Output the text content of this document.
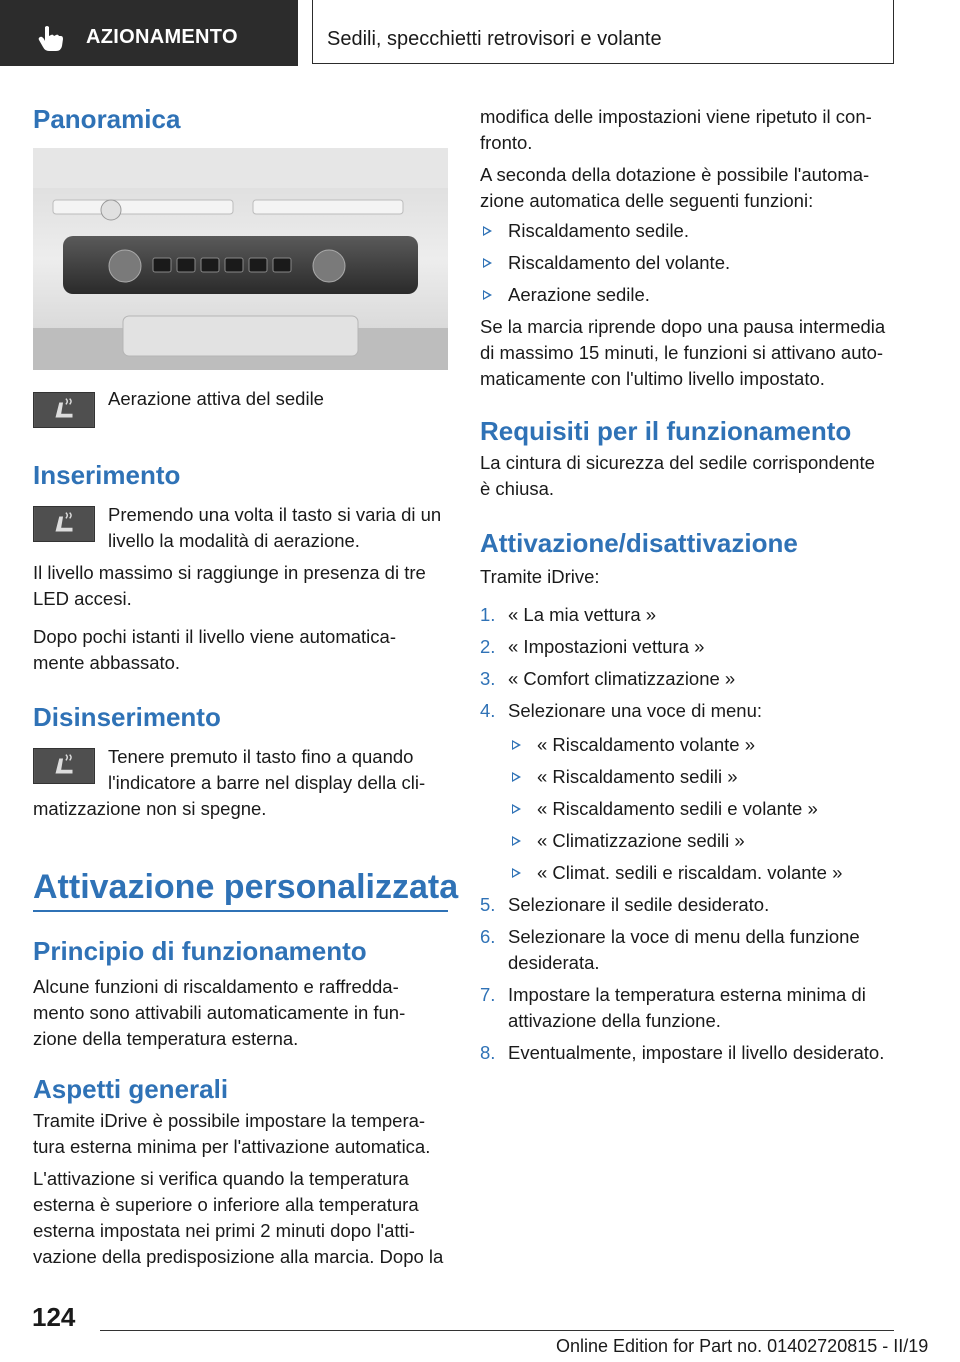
AZIONAMENTO	Sedili, specchietti retrovisori e volante
Panoramica
Aerazione attiva del sedile
Inserimento
Premendo una volta il tasto si varia di un
livello la modalità di aerazione.
Il livello massimo si raggiunge in presenza di tre
LED accesi.
Dopo pochi istanti il livello viene automatica-
mente abbassato.
Disinserimento
Tenere premuto il tasto fino a quando
l'indicatore a barre nel display della cli-
matizzazione non si spegne.
Attivazione personalizzata
Principio di funzionamento
Alcune funzioni di riscaldamento e raffredda-
mento sono attivabili automaticamente in fun-
zione della temperatura esterna.
Aspetti generali
Tramite iDrive è possibile impostare la tempera-
tura esterna minima per l'attivazione automatica.
L'attivazione si verifica quando la temperatura
esterna è superiore o inferiore alla temperatura
esterna impostata nei primi 2 minuti dopo l'atti-
vazione della predisposizione alla marcia. Dopo la
modifica delle impostazioni viene ripetuto il con-
fronto.
A seconda della dotazione è possibile l'automa-
zione automatica delle seguenti funzioni:
Riscaldamento sedile.
Riscaldamento del volante.
Aerazione sedile.
Se la marcia riprende dopo una pausa intermedia
di massimo 15 minuti, le funzioni si attivano auto-
maticamente con l'ultimo livello impostato.
Requisiti per il funzionamento
La cintura di sicurezza del sedile corrispondente
è chiusa.
Attivazione/disattivazione
Tramite iDrive:
1. « La mia vettura »
2. « Impostazioni vettura »
3. « Comfort climatizzazione »
4. Selezionare una voce di menu:
« Riscaldamento volante »
« Riscaldamento sedili »
« Riscaldamento sedili e volante »
« Climatizzazione sedili »
« Climat. sedili e riscaldam. volante »
5. Selezionare il sedile desiderato.
6. Selezionare la voce di menu della funzione
desiderata.
7. Impostare la temperatura esterna minima di
attivazione della funzione.
8. Eventualmente, impostare il livello desiderato.
124
Online Edition for Part no. 01402720815 - II/19
